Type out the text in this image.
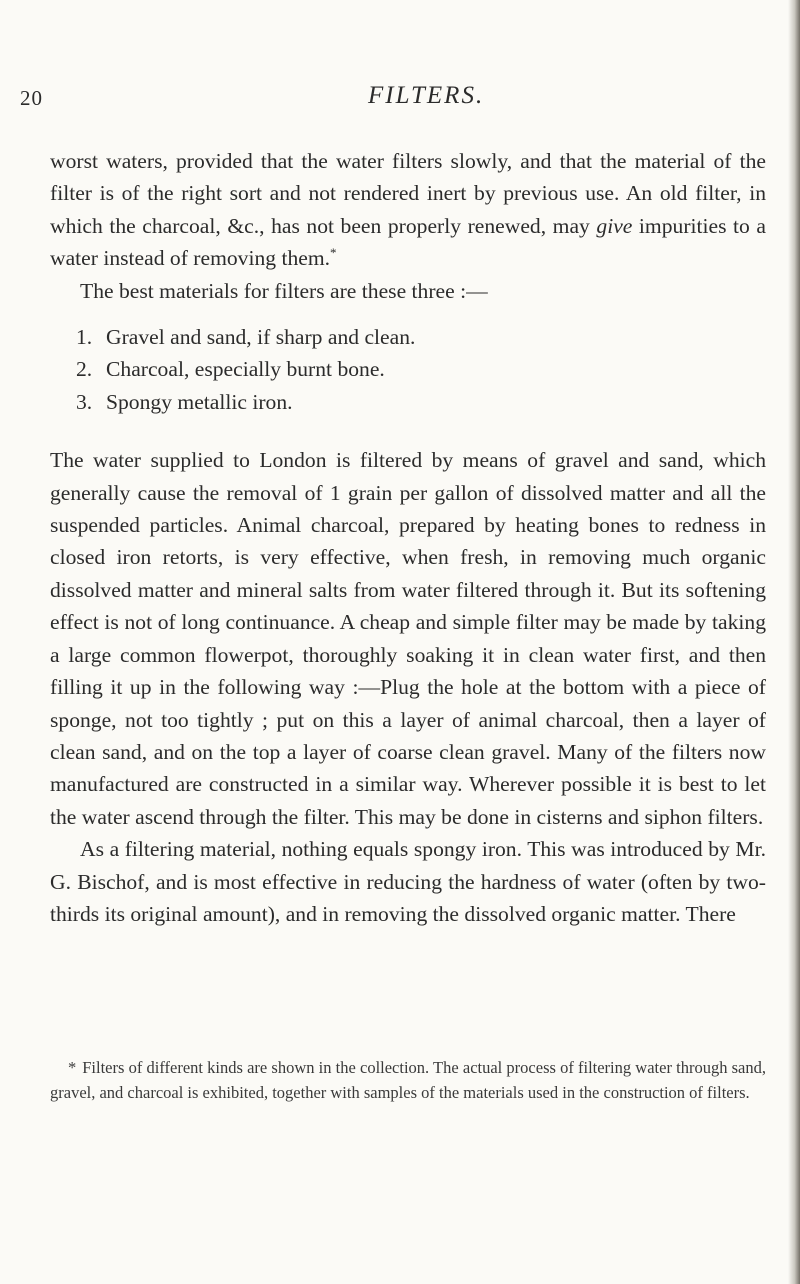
20	FILTERS.

worst waters, provided that the water filters slowly, and that the material of the filter is of the right sort and not rendered inert by previous use. An old filter, in which the charcoal, &c., has not been properly renewed, may give impurities to a water instead of removing them.*

The best materials for filters are these three :—

1. Gravel and sand, if sharp and clean.
2. Charcoal, especially burnt bone.
3. Spongy metallic iron.

The water supplied to London is filtered by means of gravel and sand, which generally cause the removal of 1 grain per gallon of dissolved matter and all the suspended particles. Animal charcoal, prepared by heating bones to redness in closed iron retorts, is very effective, when fresh, in removing much organic dissolved matter and mineral salts from water filtered through it. But its softening effect is not of long continuance. A cheap and simple filter may be made by taking a large common flowerpot, thoroughly soaking it in clean water first, and then filling it up in the following way :—Plug the hole at the bottom with a piece of sponge, not too tightly ; put on this a layer of animal charcoal, then a layer of clean sand, and on the top a layer of coarse clean gravel. Many of the filters now manufactured are constructed in a similar way. Wherever possible it is best to let the water ascend through the filter. This may be done in cisterns and siphon filters.

As a filtering material, nothing equals spongy iron. This was introduced by Mr. G. Bischof, and is most effective in reducing the hardness of water (often by two-thirds its original amount), and in removing the dissolved organic matter. There

* Filters of different kinds are shown in the collection. The actual process of filtering water through sand, gravel, and charcoal is exhibited, together with samples of the materials used in the construction of filters.
